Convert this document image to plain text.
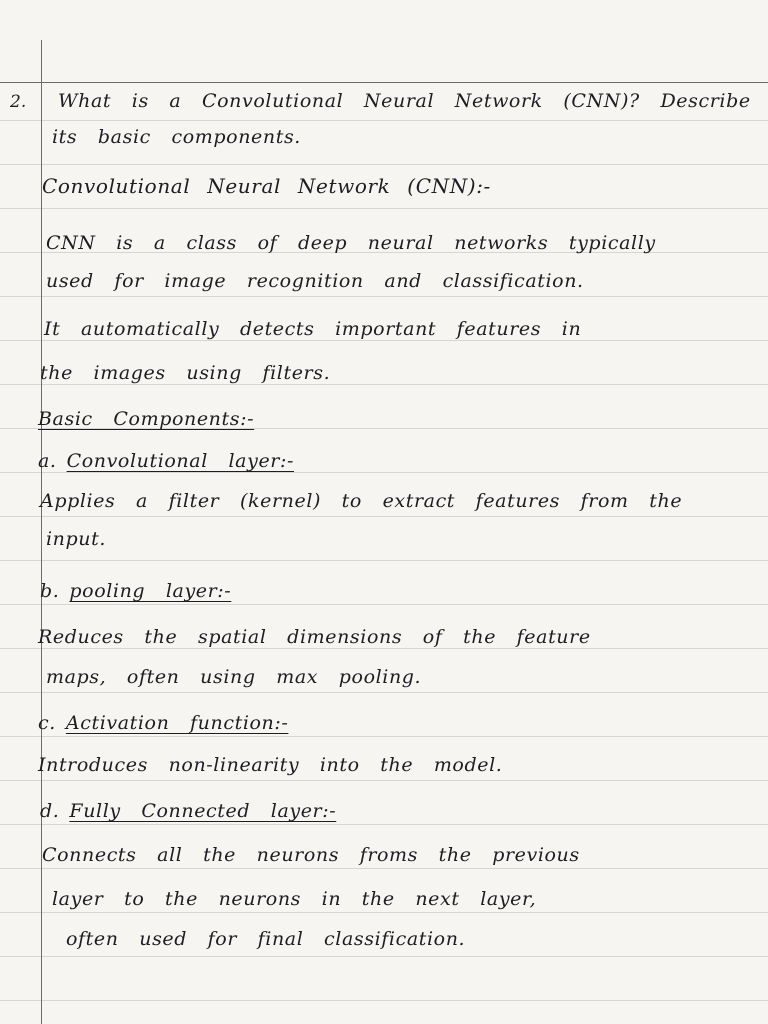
2. What is a Convolutional Neural Network (CNN)? Describe
its basic components.
Convolutional Neural Network (CNN):-
CNN is a class of deep neural networks typically
used for image recognition and classification.
It automatically detects important features in
the images using filters.
Basic Components:-
a. Convolutional layer:-
Applies a filter (kernel) to extract features from the
input.
b. pooling layer:-
Reduces the spatial dimensions of the feature
maps, often using max pooling.
c. Activation function:-
Introduces non-linearity into the model.
d. Fully Connected layer:-
Connects all the neurons froms the previous
layer to the neurons in the next layer,
often used for final classification.
